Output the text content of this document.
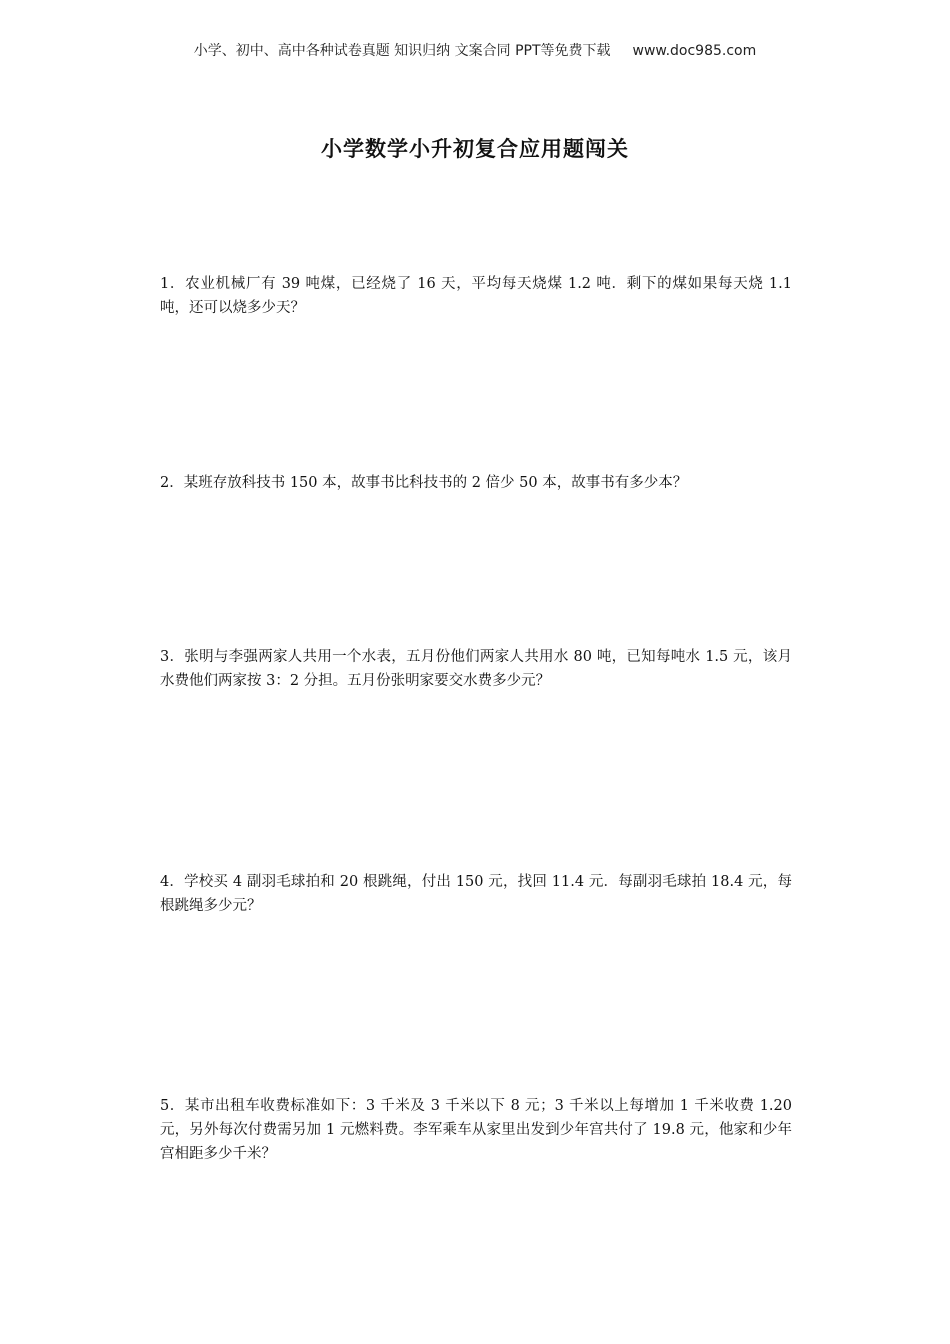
小学、初中、高中各种试卷真题 知识归纳 文案合同 PPT等免费下载 www.doc985.com
小学数学小升初复合应用题闯关
1．农业机械厂有 39 吨煤，已经烧了 16 天，平均每天烧煤 1.2 吨．剩下的煤如果每天烧 1.1 吨，还可以烧多少天？
2．某班存放科技书 150 本，故事书比科技书的 2 倍少 50 本，故事书有多少本？
3．张明与李强两家人共用一个水表，五月份他们两家人共用水 80 吨，已知每吨水 1.5 元，该月水费他们两家按 3：2 分担。五月份张明家要交水费多少元？
4．学校买 4 副羽毛球拍和 20 根跳绳，付出 150 元，找回 11.4 元．每副羽毛球拍 18.4 元，每根跳绳多少元？
5．某市出租车收费标准如下：3 千米及 3 千米以下 8 元；3 千米以上每增加 1 千米收费 1.20 元，另外每次付费需另加 1 元燃料费。李军乘车从家里出发到少年宫共付了 19.8 元，他家和少年宫相距多少千米？
